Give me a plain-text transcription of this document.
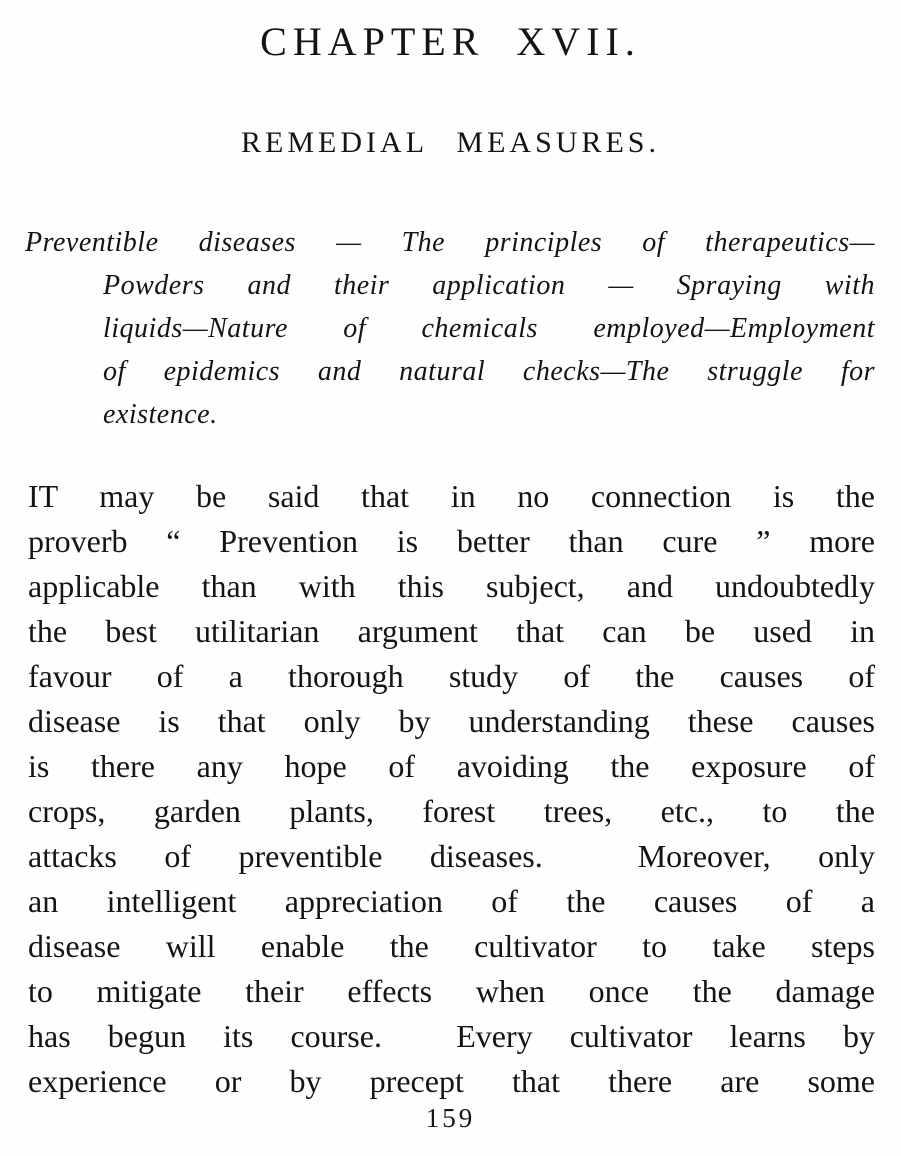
CHAPTER XVII.
REMEDIAL MEASURES.
Preventible diseases — The principles of therapeutics—
Powders and their application — Spraying with
liquids—Nature of chemicals employed—Employment
of epidemics and natural checks—The struggle for
existence.
IT may be said that in no connection is the
proverb “ Prevention is better than cure ” more
applicable than with this subject, and undoubtedly
the best utilitarian argument that can be used in
favour of a thorough study of the causes of
disease is that only by understanding these causes
is there any hope of avoiding the exposure of
crops, garden plants, forest trees, etc., to the
attacks of preventible diseases.  Moreover, only
an intelligent appreciation of the causes of a
disease will enable the cultivator to take steps
to mitigate their effects when once the damage
has begun its course.  Every cultivator learns by
experience or by precept that there are some
159
